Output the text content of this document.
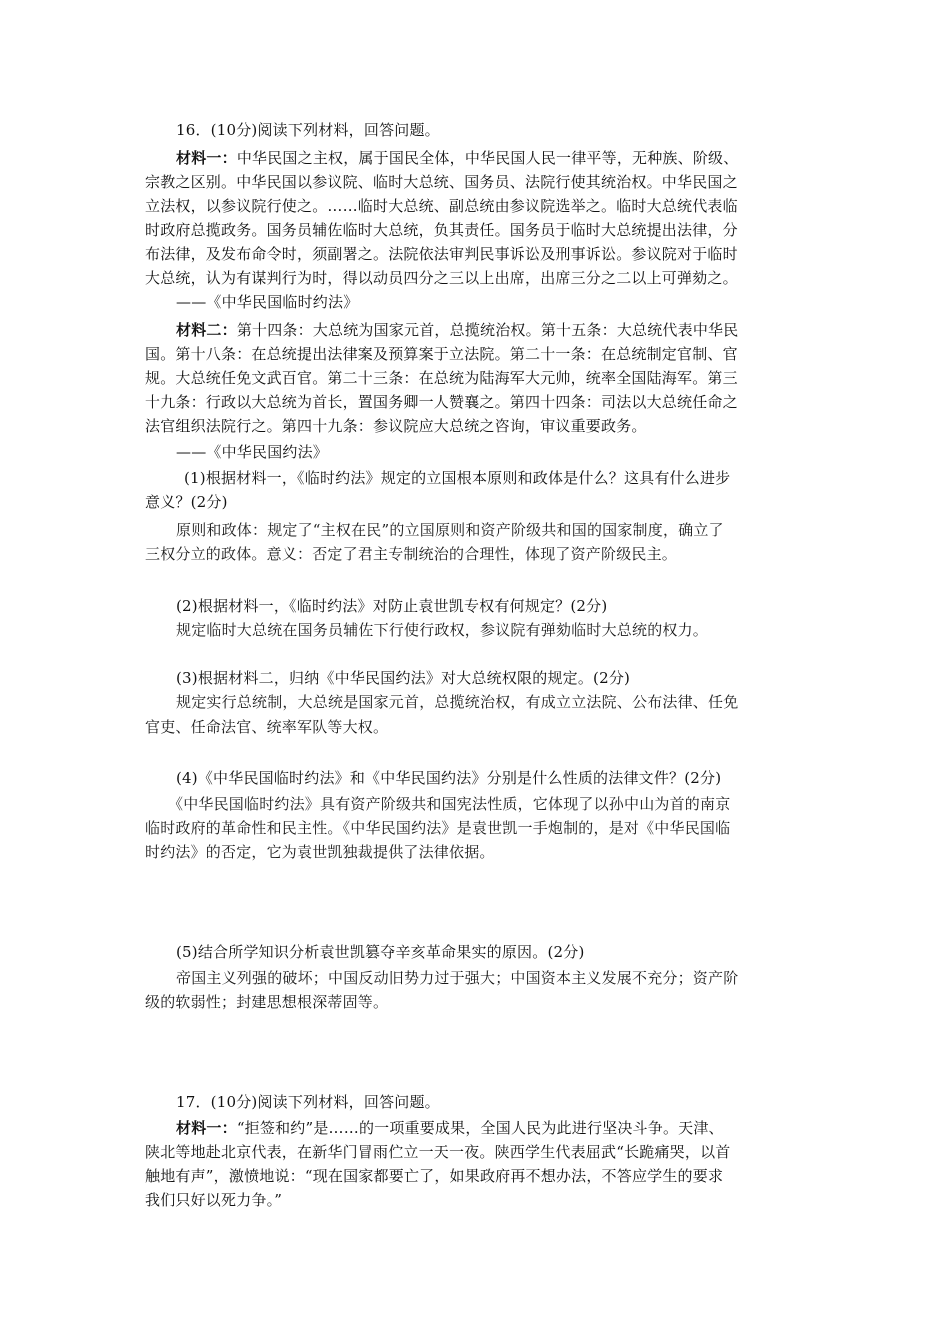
16．(10分)阅读下列材料，回答问题。
材料一：中华民国之主权，属于国民全体，中华民国人民一律平等，无种族、阶级、
宗教之区别。中华民国以参议院、临时大总统、国务员、法院行使其统治权。中华民国之
立法权，以参议院行使之。……临时大总统、副总统由参议院选举之。临时大总统代表临
时政府总揽政务。国务员辅佐临时大总统，负其责任。国务员于临时大总统提出法律，分
布法律，及发布命令时，须副署之。法院依法审判民事诉讼及刑事诉讼。参议院对于临时
大总统，认为有谋判行为时，得以动员四分之三以上出席，出席三分之二以上可弹劾之。
——《中华民国临时约法》
材料二：第十四条：大总统为国家元首，总揽统治权。第十五条：大总统代表中华民
国。第十八条：在总统提出法律案及预算案于立法院。第二十一条：在总统制定官制、官
规。大总统任免文武百官。第二十三条：在总统为陆海军大元帅，统率全国陆海军。第三
十九条：行政以大总统为首长，置国务卿一人赞襄之。第四十四条：司法以大总统任命之
法官组织法院行之。第四十九条：参议院应大总统之咨询，审议重要政务。
——《中华民国约法》
(1)根据材料一，《临时约法》规定的立国根本原则和政体是什么？这具有什么进步
意义？(2分)
原则和政体：规定了“主权在民”的立国原则和资产阶级共和国的国家制度，确立了
三权分立的政体。意义：否定了君主专制统治的合理性，体现了资产阶级民主。
(2)根据材料一，《临时约法》对防止袁世凯专权有何规定？(2分)
规定临时大总统在国务员辅佐下行使行政权，参议院有弹劾临时大总统的权力。
(3)根据材料二，归纳《中华民国约法》对大总统权限的规定。(2分)
规定实行总统制，大总统是国家元首，总揽统治权，有成立立法院、公布法律、任免
官吏、任命法官、统率军队等大权。
(4)《中华民国临时约法》和《中华民国约法》分别是什么性质的法律文件？(2分)
《中华民国临时约法》具有资产阶级共和国宪法性质，它体现了以孙中山为首的南京
临时政府的革命性和民主性。《中华民国约法》是袁世凯一手炮制的，是对《中华民国临
时约法》的否定，它为袁世凯独裁提供了法律依据。
(5)结合所学知识分析袁世凯篡夺辛亥革命果实的原因。(2分)
帝国主义列强的破坏；中国反动旧势力过于强大；中国资本主义发展不充分；资产阶
级的软弱性；封建思想根深蒂固等。
17．(10分)阅读下列材料，回答问题。
材料一：“拒签和约”是……的一项重要成果，全国人民为此进行坚决斗争。天津、
陕北等地赴北京代表，在新华门冒雨伫立一天一夜。陕西学生代表屈武“长跪痛哭，以首
触地有声”，激愤地说：“现在国家都要亡了，如果政府再不想办法，不答应学生的要求
我们只好以死力争。”
